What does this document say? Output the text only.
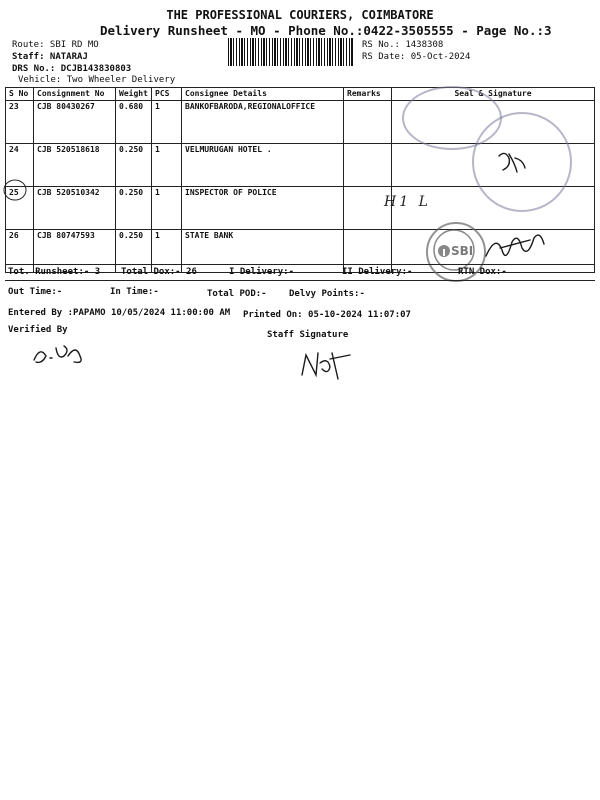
THE PROFESSIONAL COURIERS, COIMBATORE
Delivery Runsheet - MO - Phone No.:0422-3505555 - Page No.:3
Route: SBI RD MO
Staff: NATARAJ
DRS No.: DCJB143830803
Vehicle: Two Wheeler Delivery
RS No.: 1438308
RS Date: 05-Oct-2024
S No	Consignment No	Weight	PCS	Consignee Details	Remarks	Seal & Signature
23	CJB 80430267	0.680	1	BANKOFBARODA,REGIONALOFFICE		
24	CJB 520518618	0.250	1	VELMURUGAN HOTEL .		
25	CJB 520510342	0.250	1	INSPECTOR OF POLICE		
26	CJB 80747593	0.250	1	STATE BANK		
H1 L
SBI
Tot. Runsheet:- 3 Total Dox:- 26	I Delivery:-	II Delivery:-	RTN Dox:-
Out Time:-	In Time:-	Total POD:- Delvy Points:-
Entered By :PAPAMO 10/05/2024 11:00:00 AM Printed On: 05-10-2024 11:07:07
Verified By	Staff Signature
